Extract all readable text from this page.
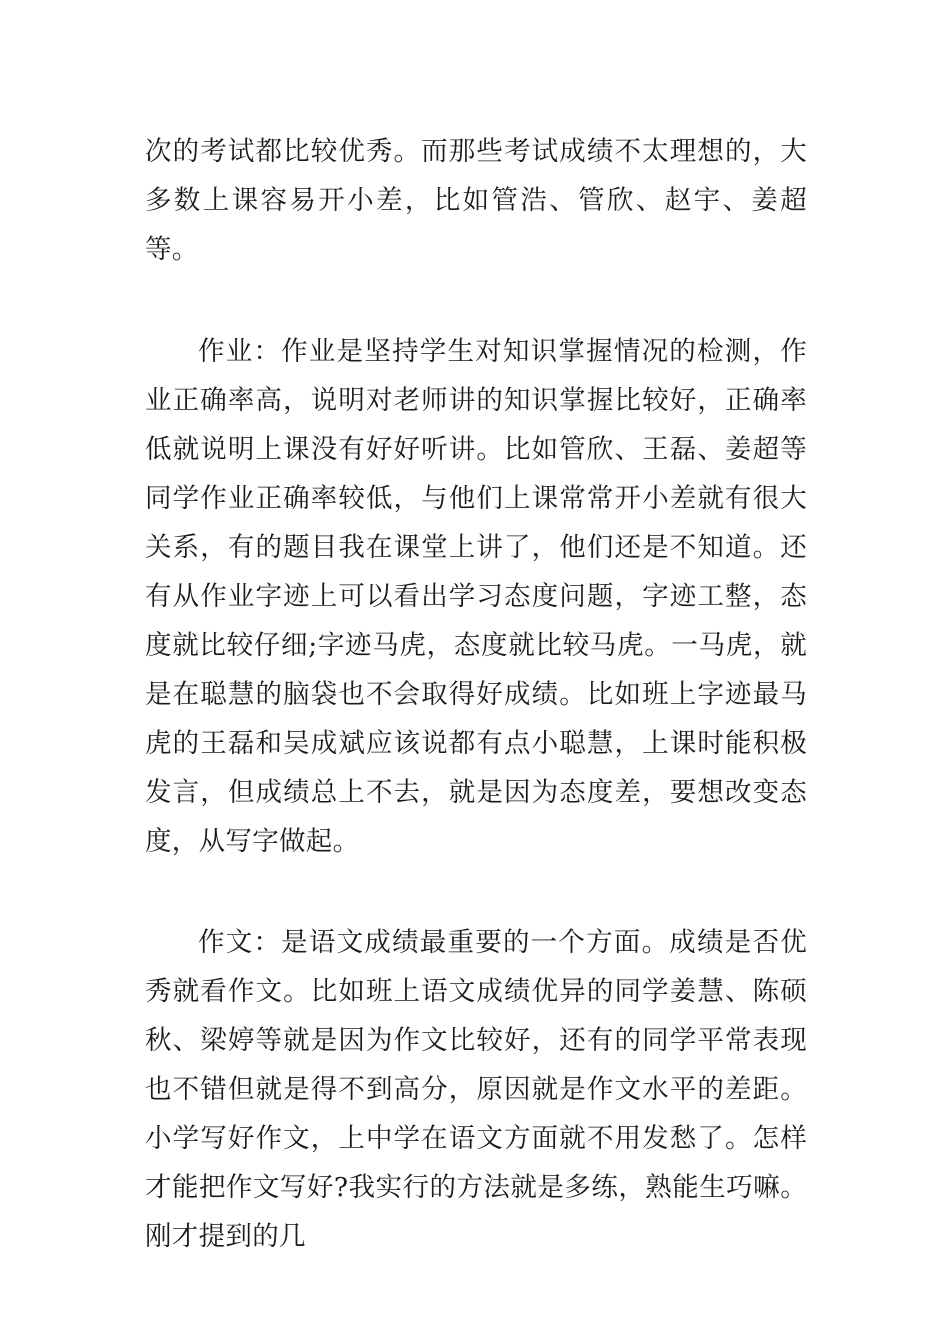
次的考试都比较优秀。而那些考试成绩不太理想的，大多数上课容易开小差，比如管浩、管欣、赵宇、姜超等。

作业：作业是坚持学生对知识掌握情况的检测，作业正确率高，说明对老师讲的知识掌握比较好，正确率低就说明上课没有好好听讲。比如管欣、王磊、姜超等同学作业正确率较低，与他们上课常常开小差就有很大关系，有的题目我在课堂上讲了，他们还是不知道。还有从作业字迹上可以看出学习态度问题，字迹工整，态度就比较仔细;字迹马虎，态度就比较马虎。一马虎，就是在聪慧的脑袋也不会取得好成绩。比如班上字迹最马虎的王磊和吴成斌应该说都有点小聪慧，上课时能积极发言，但成绩总上不去，就是因为态度差，要想改变态度，从写字做起。

作文：是语文成绩最重要的一个方面。成绩是否优秀就看作文。比如班上语文成绩优异的同学姜慧、陈硕秋、梁婷等就是因为作文比较好，还有的同学平常表现也不错但就是得不到高分，原因就是作文水平的差距。小学写好作文，上中学在语文方面就不用发愁了。怎样才能把作文写好?我实行的方法就是多练，熟能生巧嘛。刚才提到的几
